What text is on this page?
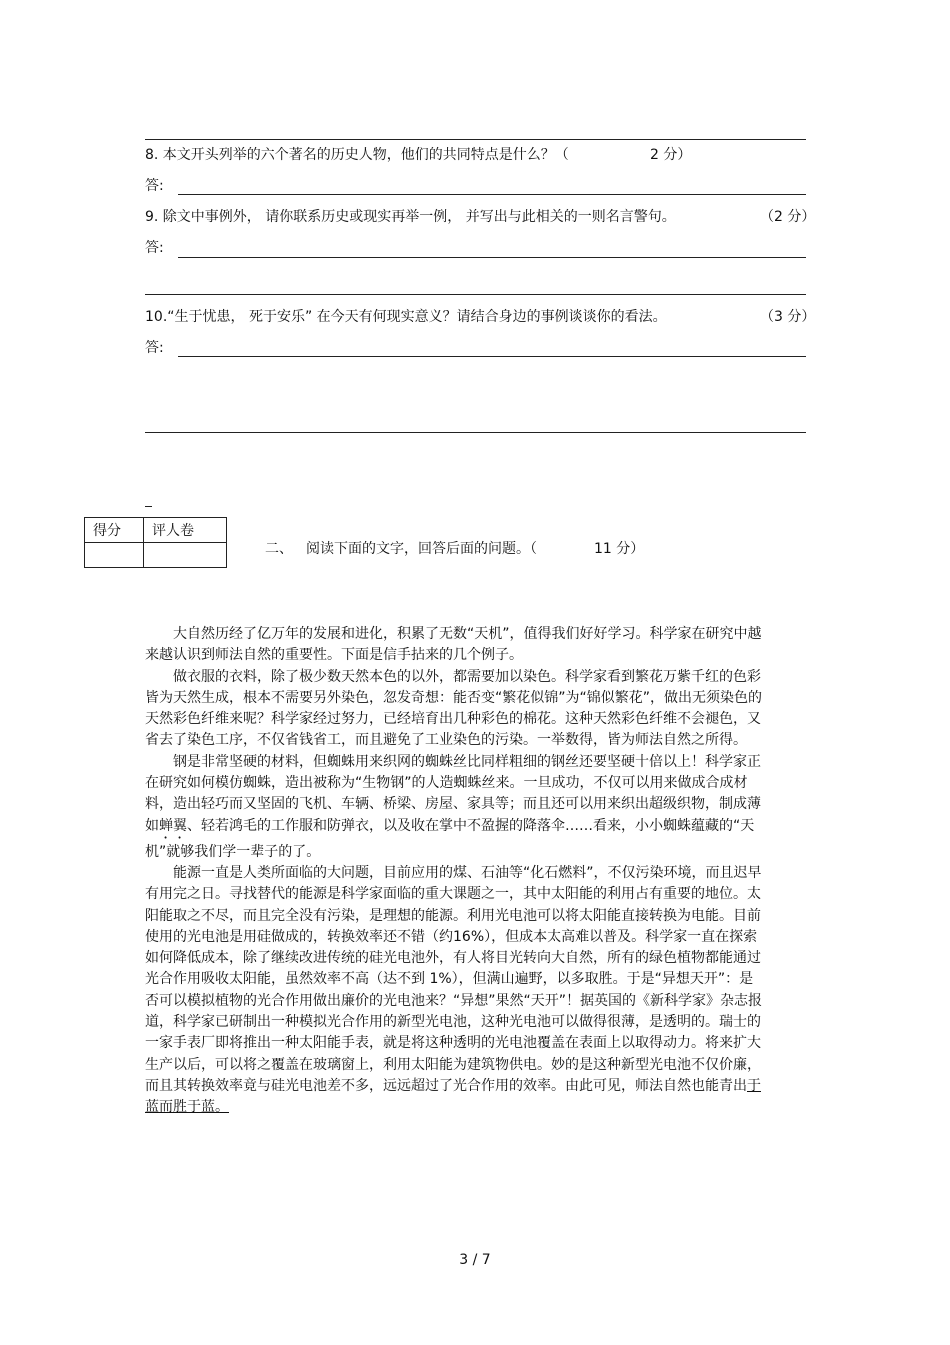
8. 本文开头列举的六个著名的历史人物，他们的共同特点是什么？（	2 分）
答:
9. 除文中事例外， 请你联系历史或现实再举一例， 并写出与此相关的一则名言警句。	（2 分）
答:
10.“生于忧患， 死于安乐” 在今天有何现实意义？请结合身边的事例谈谈你的看法。	（3 分）
答:
得分	评人卷

二、 阅读下面的文字，回答后面的问题。（	11 分）

大自然历经了亿万年的发展和进化，积累了无数“天机”，值得我们好好学习。科学家在研究中越来越认识到师法自然的重要性。下面是信手拈来的几个例子。

做衣服的衣料，除了极少数天然本色的以外，都需要加以染色。科学家看到繁花万紫千红的色彩皆为天然生成，根本不需要另外染色，忽发奇想：能否变“繁花似锦”为“锦似繁花”，做出无须染色的天然彩色纤维来呢？科学家经过努力，已经培育出几种彩色的棉花。这种天然彩色纤维不会褪色，又省去了染色工序，不仅省钱省工，而且避免了工业染色的污染。一举数得，皆为师法自然之所得。

钢是非常坚硬的材料，但蜘蛛用来织网的蜘蛛丝比同样粗细的钢丝还要坚硬十倍以上！科学家正在研究如何模仿蜘蛛，造出被称为“生物钢”的人造蜘蛛丝来。一旦成功，不仅可以用来做成合成材料，造出轻巧而又坚固的飞机、车辆、桥梁、房屋、家具等；而且还可以用来织出超级织物，制成薄如蝉翼、轻若鸿毛的工作服和防弹衣，以及收在掌中不盈握的降落伞……看来，小小蜘蛛蕴藏的“天机”就够我们学一辈子的了。

能源一直是人类所面临的大问题，目前应用的煤、石油等“化石燃料”，不仅污染环境，而且迟早有用完之日。寻找替代的能源是科学家面临的重大课题之一，其中太阳能的利用占有重要的地位。太阳能取之不尽，而且完全没有污染，是理想的能源。利用光电池可以将太阳能直接转换为电能。目前使用的光电池是用硅做成的，转换效率还不错（约16%），但成本太高难以普及。科学家一直在探索如何降低成本，除了继续改进传统的硅光电池外，有人将目光转向大自然，所有的绿色植物都能通过光合作用吸收太阳能，虽然效率不高（达不到 1%），但满山遍野，以多取胜。于是“异想天开”：是否可以模拟植物的光合作用做出廉价的光电池来？“异想”果然“天开”！据英国的《新科学家》杂志报道，科学家已研制出一种模拟光合作用的新型光电池，这种光电池可以做得很薄，是透明的。瑞士的一家手表厂即将推出一种太阳能手表，就是将这种透明的光电池覆盖在表面上以取得动力。将来扩大生产以后，可以将之覆盖在玻璃窗上，利用太阳能为建筑物供电。妙的是这种新型光电池不仅价廉，而且其转换效率竟与硅光电池差不多，远远超过了光合作用的效率。由此可见，师法自然也能青出于蓝而胜于蓝。

3 / 7
